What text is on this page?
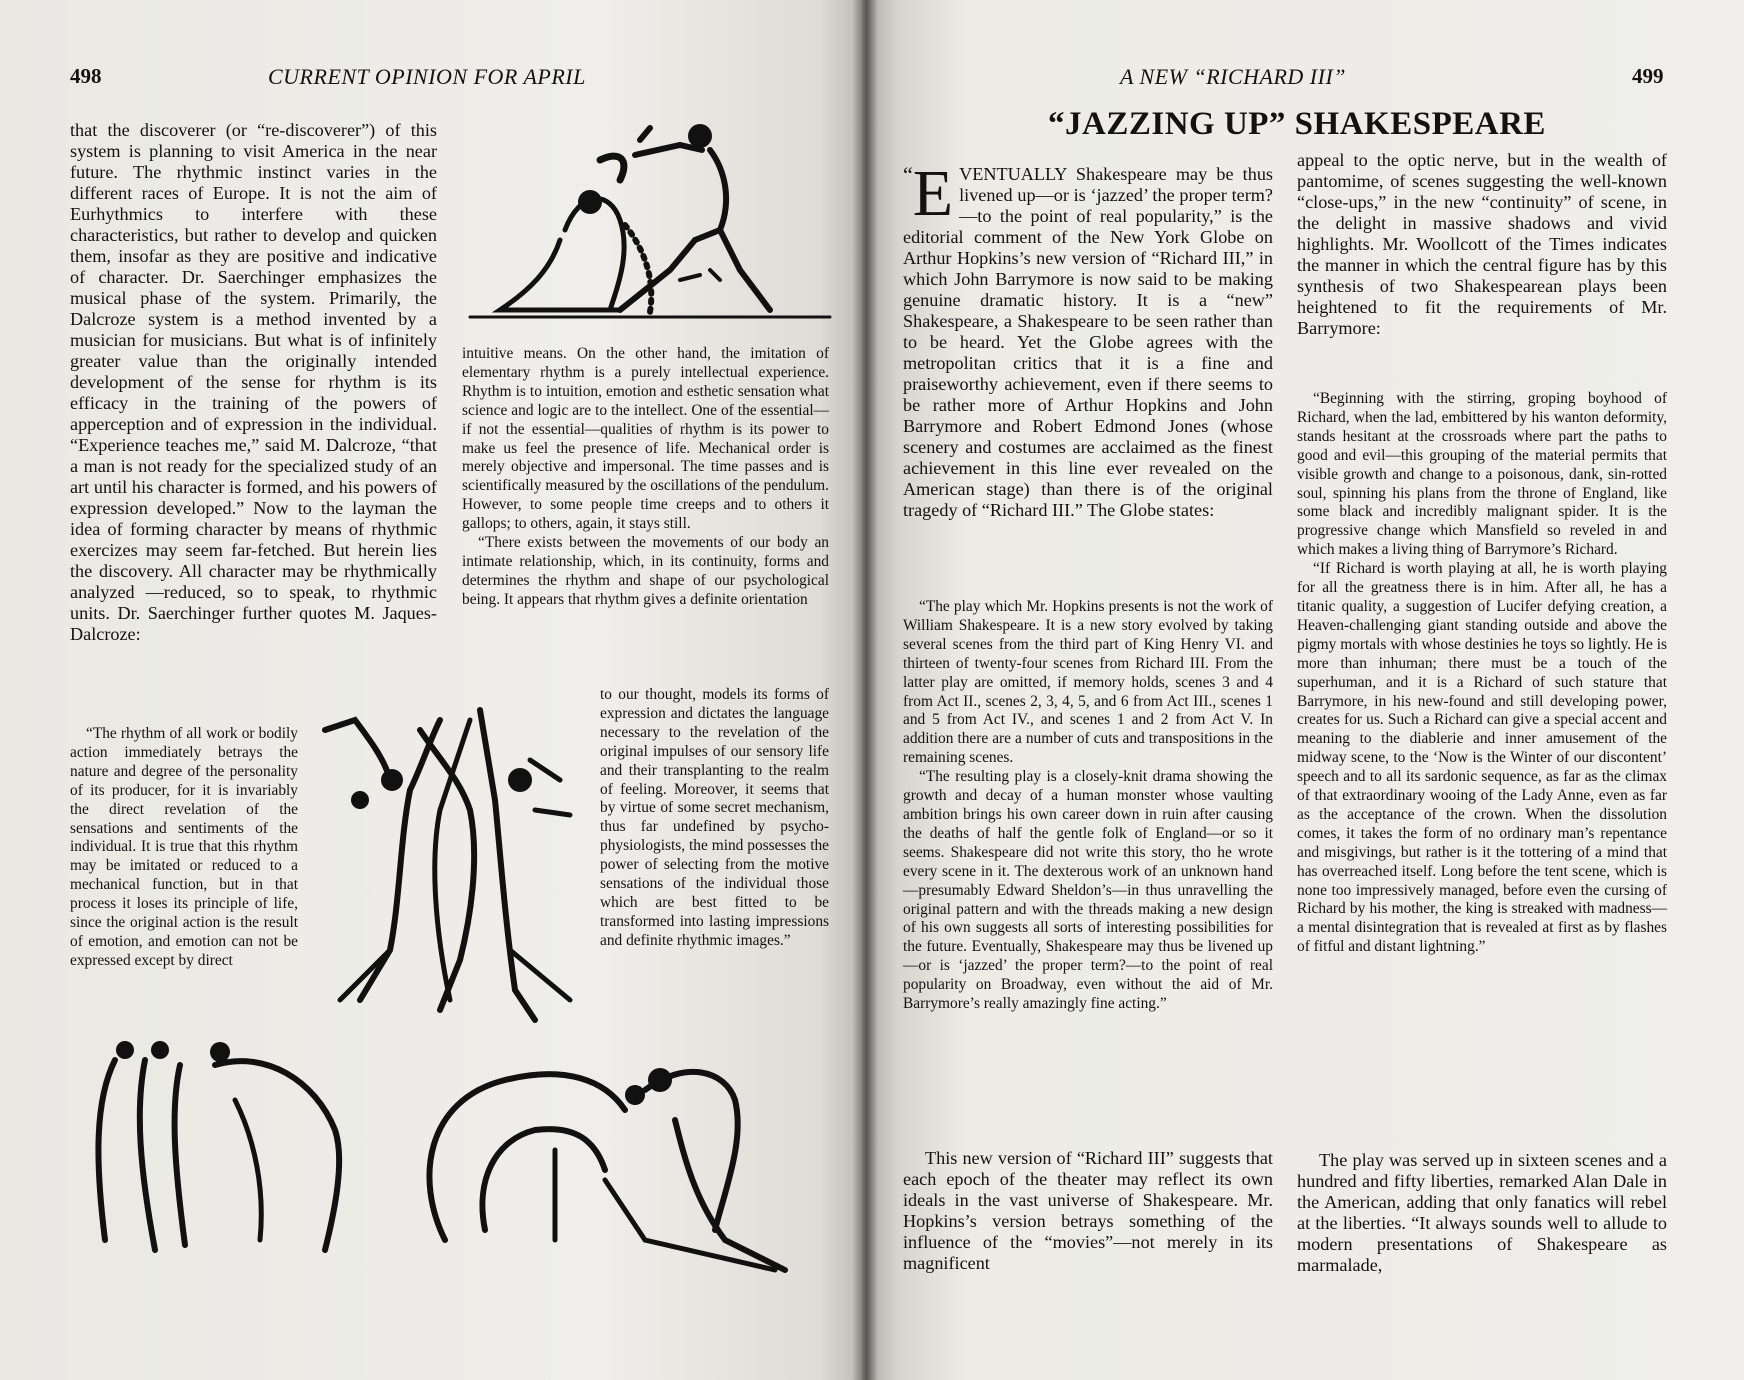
498	CURRENT OPINION FOR APRIL

that the discoverer (or “re-discoverer”) of this system is planning to visit America in the near future. The rhythmic instinct varies in the different races of Europe. It is not the aim of Eurhythmics to interfere with these characteristics, but rather to develop and quicken them, insofar as they are positive and indicative of character. Dr. Saerchinger emphasizes the musical phase of the system. Primarily, the Dalcroze system is a method invented by a musician for musicians. But what is of infinitely greater value than the originally intended development of the sense for rhythm is its efficacy in the training of the powers of apperception and of expression in the individual. “Experience teaches me,” said M. Dalcroze, “that a man is not ready for the specialized study of an art until his character is formed, and his powers of expression developed.” Now to the layman the idea of forming character by means of rhythmic exercizes may seem far-fetched. But herein lies the discovery. All character may be rhythmically analyzed —reduced, so to speak, to rhythmic units. Dr. Saerchinger further quotes M. Jaques-Dalcroze:

“The rhythm of all work or bodily action immediately betrays the nature and degree of the personality of its producer, for it is invariably the direct revelation of the sensations and sentiments of the individual. It is true that this rhythm may be imitated or reduced to a mechanical function, but in that process it loses its principle of life, since the original action is the result of emotion, and emotion can not be expressed except by direct

intuitive means. On the other hand, the imitation of elementary rhythm is a purely intellectual experience. Rhythm is to intuition, emotion and esthetic sensation what science and logic are to the intellect. One of the essential—if not the essential—qualities of rhythm is its power to make us feel the presence of life. Mechanical order is merely objective and impersonal. The time passes and is scientifically measured by the oscillations of the pendulum. However, to some people time creeps and to others it gallops; to others, again, it stays still.

“There exists between the movements of our body an intimate relationship, which, in its continuity, forms and determines the rhythm and shape of our psychological being. It appears that rhythm gives a definite orientation

to our thought, models its forms of expression and dictates the language necessary to the revelation of the original impulses of our sensory life and their transplanting to the realm of feeling. Moreover, it seems that by virtue of some secret mechanism, thus far undefined by psycho-physiologists, the mind possesses the power of selecting from the motive sensations of the individual those which are best fitted to be transformed into lasting impressions and definite rhythmic images.”

A NEW “RICHARD III”	499
“JAZZING UP” SHAKESPEARE

“ E VENTUALLY Shakespeare may be thus livened up—or is ‘jazzed’ the proper term?—to the point of real popularity,” is the editorial comment of the New York Globe on Arthur Hopkins’s new version of “Richard III,” in which John Barrymore is now said to be making genuine dramatic history. It is a “new” Shakespeare, a Shakespeare to be seen rather than to be heard. Yet the Globe agrees with the metropolitan critics that it is a fine and praiseworthy achievement, even if there seems to be rather more of Arthur Hopkins and John Barrymore and Robert Edmond Jones (whose scenery and costumes are acclaimed as the finest achievement in this line ever revealed on the American stage) than there is of the original tragedy of “Richard III.” The Globe states:

“The play which Mr. Hopkins presents is not the work of William Shakespeare. It is a new story evolved by taking several scenes from the third part of King Henry VI. and thirteen of twenty-four scenes from Richard III. From the latter play are omitted, if memory holds, scenes 3 and 4 from Act II., scenes 2, 3, 4, 5, and 6 from Act III., scenes 1 and 5 from Act IV., and scenes 1 and 2 from Act V. In addition there are a number of cuts and transpositions in the remaining scenes.

“The resulting play is a closely-knit drama showing the growth and decay of a human monster whose vaulting ambition brings his own career down in ruin after causing the deaths of half the gentle folk of England—or so it seems. Shakespeare did not write this story, tho he wrote every scene in it. The dexterous work of an unknown hand—presumably Edward Sheldon’s—in thus unravelling the original pattern and with the threads making a new design of his own suggests all sorts of interesting possibilities for the future. Eventually, Shakespeare may thus be livened up—or is ‘jazzed’ the proper term?—to the point of real popularity on Broadway, even without the aid of Mr. Barrymore’s really amazingly fine acting.”

This new version of “Richard III” suggests that each epoch of the theater may reflect its own ideals in the vast universe of Shakespeare. Mr. Hopkins’s version betrays something of the influence of the “movies”—not merely in its magnificent

appeal to the optic nerve, but in the wealth of pantomime, of scenes suggesting the well-known “close-ups,” in the new “continuity” of scene, in the delight in massive shadows and vivid highlights. Mr. Woollcott of the Times indicates the manner in which the central figure has by this synthesis of two Shakespearean plays been heightened to fit the requirements of Mr. Barrymore:

“Beginning with the stirring, groping boyhood of Richard, when the lad, embittered by his wanton deformity, stands hesitant at the crossroads where part the paths to good and evil—this grouping of the material permits that visible growth and change to a poisonous, dank, sin-rotted soul, spinning his plans from the throne of England, like some black and incredibly malignant spider. It is the progressive change which Mansfield so reveled in and which makes a living thing of Barrymore’s Richard.

“If Richard is worth playing at all, he is worth playing for all the greatness there is in him. After all, he has a titanic quality, a suggestion of Lucifer defying creation, a Heaven-challenging giant standing outside and above the pigmy mortals with whose destinies he toys so lightly. He is more than inhuman; there must be a touch of the superhuman, and it is a Richard of such stature that Barrymore, in his new-found and still developing power, creates for us. Such a Richard can give a special accent and meaning to the diablerie and inner amusement of the midway scene, to the ‘Now is the Winter of our discontent’ speech and to all its sardonic sequence, as far as the climax of that extraordinary wooing of the Lady Anne, even as far as the acceptance of the crown. When the dissolution comes, it takes the form of no ordinary man’s repentance and misgivings, but rather is it the tottering of a mind that has overreached itself. Long before the tent scene, which is none too impressively managed, before even the cursing of Richard by his mother, the king is streaked with madness—a mental disintegration that is revealed at first as by flashes of fitful and distant lightning.”

The play was served up in sixteen scenes and a hundred and fifty liberties, remarked Alan Dale in the American, adding that only fanatics will rebel at the liberties. “It always sounds well to allude to modern presentations of Shakespeare as marmalade,
